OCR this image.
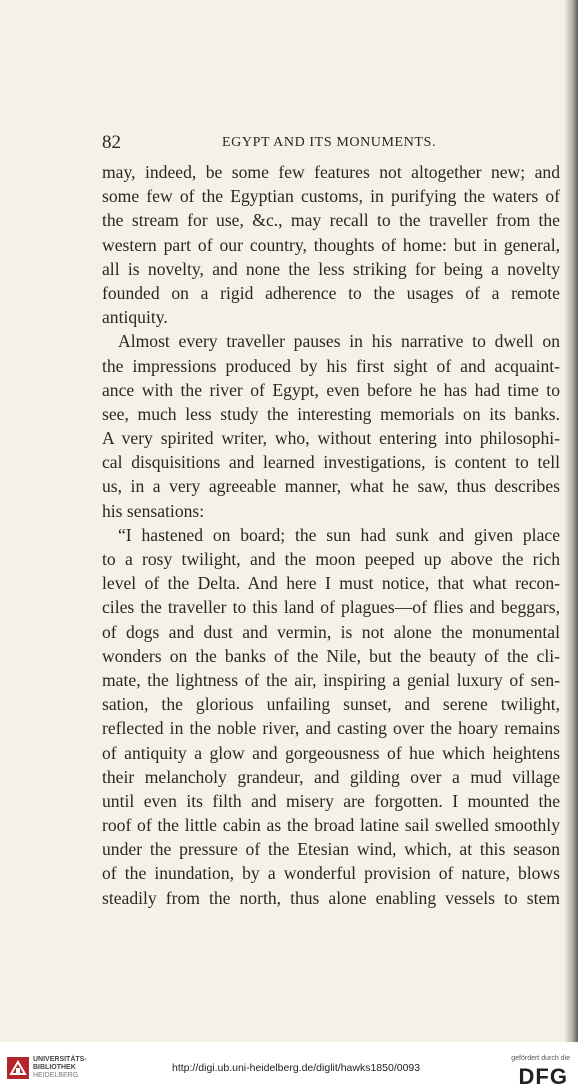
82	EGYPT AND ITS MONUMENTS.
may, indeed, be some few features not altogether new; and
some few of the Egyptian customs, in purifying the waters of
the stream for use, &c., may recall to the traveller from the
western part of our country, thoughts of home: but in general,
all is novelty, and none the less striking for being a novelty
founded on a rigid adherence to the usages of a remote
antiquity.
Almost every traveller pauses in his narrative to dwell on
the impressions produced by his first sight of and acquaint-
ance with the river of Egypt, even before he has had time to
see, much less study the interesting memorials on its banks.
A very spirited writer, who, without entering into philosophi-
cal disquisitions and learned investigations, is content to tell
us, in a very agreeable manner, what he saw, thus describes
his sensations:
“I hastened on board; the sun had sunk and given place
to a rosy twilight, and the moon peeped up above the rich
level of the Delta. And here I must notice, that what recon-
ciles the traveller to this land of plagues—of flies and beggars,
of dogs and dust and vermin, is not alone the monumental
wonders on the banks of the Nile, but the beauty of the cli-
mate, the lightness of the air, inspiring a genial luxury of sen-
sation, the glorious unfailing sunset, and serene twilight,
reflected in the noble river, and casting over the hoary remains
of antiquity a glow and gorgeousness of hue which heightens
their melancholy grandeur, and gilding over a mud village
until even its filth and misery are forgotten. I mounted the
roof of the little cabin as the broad latine sail swelled smoothly
under the pressure of the Etesian wind, which, at this season
of the inundation, by a wonderful provision of nature, blows
steadily from the north, thus alone enabling vessels to stem
UNIVERSITÄTS-
BIBLIOTHEK
HEIDELBERG
http://digi.ub.uni-heidelberg.de/diglit/hawks1850/0093
gefördert durch die
DFG
